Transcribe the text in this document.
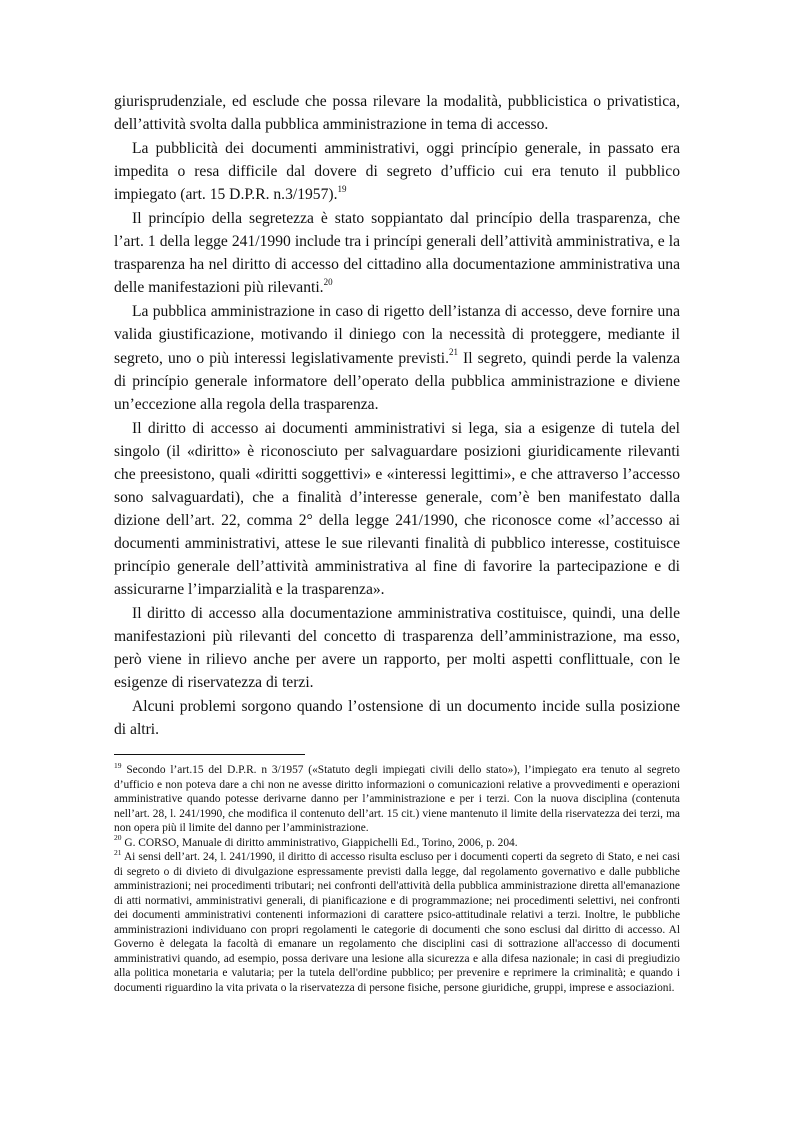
giurisprudenziale, ed esclude che possa rilevare la modalità, pubblicistica o privatistica, dell’attività svolta dalla pubblica amministrazione in tema di accesso.

La pubblicità dei documenti amministrativi, oggi princípio generale, in passato era impedita o resa difficile dal dovere di segreto d’ufficio cui era tenuto il pubblico impiegato (art. 15 D.P.R. n.3/1957).$^{19}$

Il princípio della segretezza è stato soppiantato dal princípio della trasparenza, che l’art. 1 della legge 241/1990 include tra i princípi generali dell’attività amministrativa, e la trasparenza ha nel diritto di accesso del cittadino alla documentazione amministrativa una delle manifestazioni più rilevanti.$^{20}$

La pubblica amministrazione in caso di rigetto dell’istanza di accesso, deve fornire una valida giustificazione, motivando il diniego con la necessità di proteggere, mediante il segreto, uno o più interessi legislativamente previsti.$^{21}$ Il segreto, quindi perde la valenza di princípio generale informatore dell’operato della pubblica amministrazione e diviene un’eccezione alla regola della trasparenza.

Il diritto di accesso ai documenti amministrativi si lega, sia a esigenze di tutela del singolo (il «diritto» è riconosciuto per salvaguardare posizioni giuridicamente rilevanti che preesistono, quali «diritti soggettivi» e «interessi legittimi», e che attraverso l’accesso sono salvaguardati), che a finalità d’interesse generale, com’è ben manifestato dalla dizione dell’art. 22, comma 2° della legge 241/1990, che riconosce come «l’accesso ai documenti amministrativi, attese le sue rilevanti finalità di pubblico interesse, costituisce princípio generale dell’attività amministrativa al fine di favorire la partecipazione e di assicurarne l’imparzialità e la trasparenza».

Il diritto di accesso alla documentazione amministrativa costituisce, quindi, una delle manifestazioni più rilevanti del concetto di trasparenza dell’amministrazione, ma esso, però viene in rilievo anche per avere un rapporto, per molti aspetti conflittuale, con le esigenze di riservatezza di terzi.

Alcuni problemi sorgono quando l’ostensione di un documento incide sulla posizione di altri.

$^{19}$ Secondo l’art.15 del D.P.R. n 3/1957 («Statuto degli impiegati civili dello stato»), l’impiegato era tenuto al segreto d’ufficio e non poteva dare a chi non ne avesse diritto informazioni o comunicazioni relative a provvedimenti e operazioni amministrative quando potesse derivarne danno per l’amministrazione e per i terzi. Con la nuova disciplina (contenuta nell’art. 28, l. 241/1990, che modifica il contenuto dell’art. 15 cit.) viene mantenuto il limite della riservatezza dei terzi, ma non opera più il limite del danno per l’amministrazione.

$^{20}$ G. CORSO, Manuale di diritto amministrativo, Giappichelli Ed., Torino, 2006, p. 204.

$^{21}$ Ai sensi dell’art. 24, l. 241/1990, il diritto di accesso risulta escluso per i documenti coperti da segreto di Stato, e nei casi di segreto o di divieto di divulgazione espressamente previsti dalla legge, dal regolamento governativo e dalle pubbliche amministrazioni; nei procedimenti tributari; nei confronti dell'attività della pubblica amministrazione diretta all'emanazione di atti normativi, amministrativi generali, di pianificazione e di programmazione; nei procedimenti selettivi, nei confronti dei documenti amministrativi contenenti informazioni di carattere psico-attitudinale relativi a terzi. Inoltre, le pubbliche amministrazioni individuano con propri regolamenti le categorie di documenti che sono esclusi dal diritto di accesso. Al Governo è delegata la facoltà di emanare un regolamento che disciplini casi di sottrazione all'accesso di documenti amministrativi quando, ad esempio, possa derivare una lesione alla sicurezza e alla difesa nazionale; in casi di pregiudizio alla politica monetaria e valutaria; per la tutela dell'ordine pubblico; per prevenire e reprimere la criminalità; e quando i documenti riguardino la vita privata o la riservatezza di persone fisiche, persone giuridiche, gruppi, imprese e associazioni.
